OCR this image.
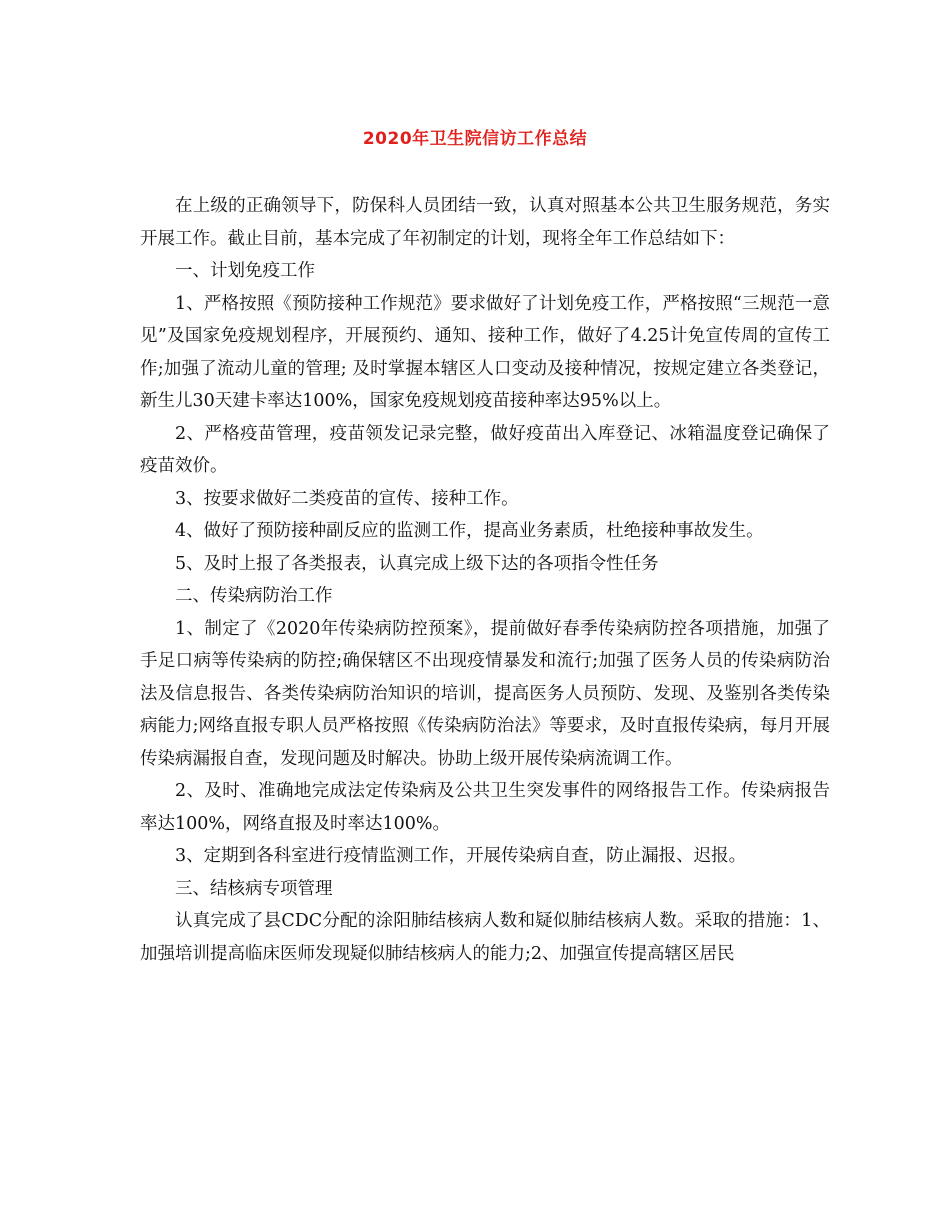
2020年卫生院信访工作总结

在上级的正确领导下，防保科人员团结一致，认真对照基本公共卫生服务规范，务实开展工作。截止目前，基本完成了年初制定的计划，现将全年工作总结如下：

一、计划免疫工作

1、严格按照《预防接种工作规范》要求做好了计划免疫工作，严格按照“三规范一意见”及国家免疫规划程序，开展预约、通知、接种工作，做好了4.25计免宣传周的宣传工作;加强了流动儿童的管理; 及时掌握本辖区人口变动及接种情况，按规定建立各类登记，新生儿30天建卡率达100%，国家免疫规划疫苗接种率达95%以上。

2、严格疫苗管理，疫苗领发记录完整，做好疫苗出入库登记、冰箱温度登记确保了疫苗效价。

3、按要求做好二类疫苗的宣传、接种工作。

4、做好了预防接种副反应的监测工作，提高业务素质，杜绝接种事故发生。

5、及时上报了各类报表，认真完成上级下达的各项指令性任务

二、传染病防治工作

1、制定了《2020年传染病防控预案》，提前做好春季传染病防控各项措施，加强了手足口病等传染病的防控;确保辖区不出现疫情暴发和流行;加强了医务人员的传染病防治法及信息报告、各类传染病防治知识的培训，提高医务人员预防、发现、及鉴别各类传染病能力;网络直报专职人员严格按照《传染病防治法》等要求，及时直报传染病，每月开展传染病漏报自查，发现问题及时解决。协助上级开展传染病流调工作。

2、及时、准确地完成法定传染病及公共卫生突发事件的网络报告工作。传染病报告率达100%，网络直报及时率达100%。

3、定期到各科室进行疫情监测工作，开展传染病自查，防止漏报、迟报。

三、结核病专项管理

认真完成了县CDC分配的涂阳肺结核病人数和疑似肺结核病人数。采取的措施：1、加强培训提高临床医师发现疑似肺结核病人的能力;2、加强宣传提高辖区居民
